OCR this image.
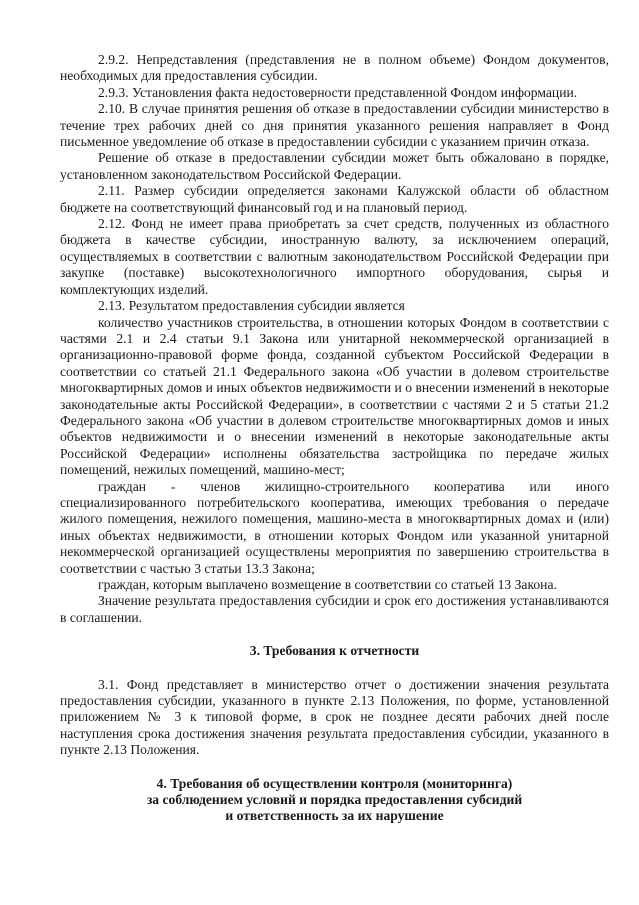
2.9.2. Непредставления (представления не в полном объеме) Фондом документов, необходимых для предоставления субсидии.

2.9.3. Установления факта недостоверности представленной Фондом информации.

2.10. В случае принятия решения об отказе в предоставлении субсидии министерство в течение трех рабочих дней со дня принятия указанного решения направляет в Фонд письменное уведомление об отказе в предоставлении субсидии с указанием причин отказа.

Решение об отказе в предоставлении субсидии может быть обжаловано в порядке, установленном законодательством Российской Федерации.

2.11. Размер субсидии определяется законами Калужской области об областном бюджете на соответствующий финансовый год и на плановый период.

2.12. Фонд не имеет права приобретать за счет средств, полученных из областного бюджета в качестве субсидии, иностранную валюту, за исключением операций, осуществляемых в соответствии с валютным законодательством Российской Федерации при закупке (поставке) высокотехнологичного импортного оборудования, сырья и комплектующих изделий.

2.13. Результатом предоставления субсидии является

количество участников строительства, в отношении которых Фондом в соответствии с частями 2.1 и 2.4 статьи 9.1 Закона или унитарной некоммерческой организацией в организационно-правовой форме фонда, созданной субъектом Российской Федерации в соответствии со статьей 21.1 Федерального закона «Об участии в долевом строительстве многоквартирных домов и иных объектов недвижимости и о внесении изменений в некоторые законодательные акты Российской Федерации», в соответствии с частями 2 и 5 статьи 21.2 Федерального закона «Об участии в долевом строительстве многоквартирных домов и иных объектов недвижимости и о внесении изменений в некоторые законодательные акты Российской Федерации» исполнены обязательства застройщика по передаче жилых помещений, нежилых помещений, машино-мест;

граждан - членов жилищно-строительного кооператива или иного специализированного потребительского кооператива, имеющих требования о передаче жилого помещения, нежилого помещения, машино-места в многоквартирных домах и (или) иных объектах недвижимости, в отношении которых Фондом или указанной унитарной некоммерческой организацией осуществлены мероприятия по завершению строительства в соответствии с частью 3 статьи 13.3 Закона;

граждан, которым выплачено возмещение в соответствии со статьей 13 Закона.

Значение результата предоставления субсидии и срок его достижения устанавливаются в соглашении.

3. Требования к отчетности

3.1. Фонд представляет в министерство отчет о достижении значения результата предоставления субсидии, указанного в пункте 2.13 Положения, по форме, установленной приложением № 3 к типовой форме, в срок не позднее десяти рабочих дней после наступления срока достижения значения результата предоставления субсидии, указанного в пункте 2.13 Положения.

4. Требования об осуществлении контроля (мониторинга)

за соблюдением условий и порядка предоставления субсидий

и ответственность за их нарушение
